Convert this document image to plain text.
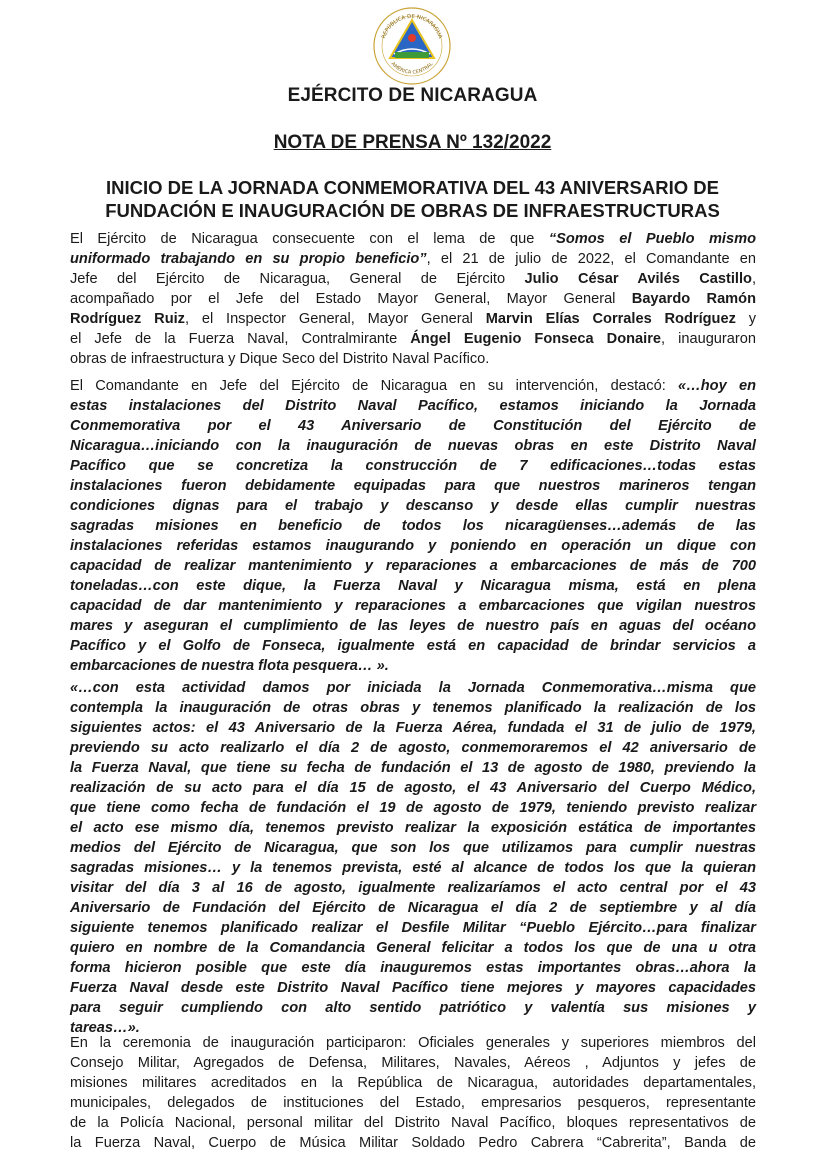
REPÚBLICA DE NICARAGUA
AMÉRICA CENTRAL
EJÉRCITO DE NICARAGUA
NOTA DE PRENSA Nº 132/2022
INICIO DE LA JORNADA CONMEMORATIVA DEL 43 ANIVERSARIO DE
FUNDACIÓN E INAUGURACIÓN DE OBRAS DE INFRAESTRUCTURAS
El Ejército de Nicaragua consecuente con el lema de que “Somos el Pueblo mismo
uniformado trabajando en su propio beneficio”, el 21 de julio de 2022, el Comandante en
Jefe del Ejército de Nicaragua, General de Ejército Julio César Avilés Castillo,
acompañado por el Jefe del Estado Mayor General, Mayor General Bayardo Ramón
Rodríguez Ruiz, el Inspector General, Mayor General Marvin Elías Corrales Rodríguez y
el Jefe de la Fuerza Naval, Contralmirante Ángel Eugenio Fonseca Donaire, inauguraron
obras de infraestructura y Dique Seco del Distrito Naval Pacífico.
El Comandante en Jefe del Ejército de Nicaragua en su intervención, destacó: «…hoy en
estas instalaciones del Distrito Naval Pacífico, estamos iniciando la Jornada
Conmemorativa por el 43 Aniversario de Constitución del Ejército de
Nicaragua…iniciando con la inauguración de nuevas obras en este Distrito Naval
Pacífico que se concretiza la construcción de 7 edificaciones…todas estas
instalaciones fueron debidamente equipadas para que nuestros marineros tengan
condiciones dignas para el trabajo y descanso y desde ellas cumplir nuestras
sagradas misiones en beneficio de todos los nicaragüenses…además de las
instalaciones referidas estamos inaugurando y poniendo en operación un dique con
capacidad de realizar mantenimiento y reparaciones a embarcaciones de más de 700
toneladas…con este dique, la Fuerza Naval y Nicaragua misma, está en plena
capacidad de dar mantenimiento y reparaciones a embarcaciones que vigilan nuestros
mares y aseguran el cumplimiento de las leyes de nuestro país en aguas del océano
Pacífico y el Golfo de Fonseca, igualmente está en capacidad de brindar servicios a
embarcaciones de nuestra flota pesquera… ».
«…con esta actividad damos por iniciada la Jornada Conmemorativa…misma que
contempla la inauguración de otras obras y tenemos planificado la realización de los
siguientes actos: el 43 Aniversario de la Fuerza Aérea, fundada el 31 de julio de 1979,
previendo su acto realizarlo el día 2 de agosto, conmemoraremos el 42 aniversario de
la Fuerza Naval, que tiene su fecha de fundación el 13 de agosto de 1980, previendo la
realización de su acto para el día 15 de agosto, el 43 Aniversario del Cuerpo Médico,
que tiene como fecha de fundación el 19 de agosto de 1979, teniendo previsto realizar
el acto ese mismo día, tenemos previsto realizar la exposición estática de importantes
medios del Ejército de Nicaragua, que son los que utilizamos para cumplir nuestras
sagradas misiones… y la tenemos prevista, esté al alcance de todos los que la quieran
visitar del día 3 al 16 de agosto, igualmente realizaríamos el acto central por el 43
Aniversario de Fundación del Ejército de Nicaragua el día 2 de septiembre y al día
siguiente tenemos planificado realizar el Desfile Militar “Pueblo Ejército…para finalizar
quiero en nombre de la Comandancia General felicitar a todos los que de una u otra
forma hicieron posible que este día inauguremos estas importantes obras…ahora la
Fuerza Naval desde este Distrito Naval Pacífico tiene mejores y mayores capacidades
para seguir cumpliendo con alto sentido patriótico y valentía sus misiones y
tareas…».
En la ceremonia de inauguración participaron: Oficiales generales y superiores miembros del
Consejo Militar, Agregados de Defensa, Militares, Navales, Aéreos , Adjuntos y jefes de
misiones militares acreditados en la República de Nicaragua, autoridades departamentales,
municipales, delegados de instituciones del Estado, empresarios pesqueros, representante
de la Policía Nacional, personal militar del Distrito Naval Pacífico, bloques representativos de
la Fuerza Naval, Cuerpo de Música Militar Soldado Pedro Cabrera “Cabrerita”, Banda de
